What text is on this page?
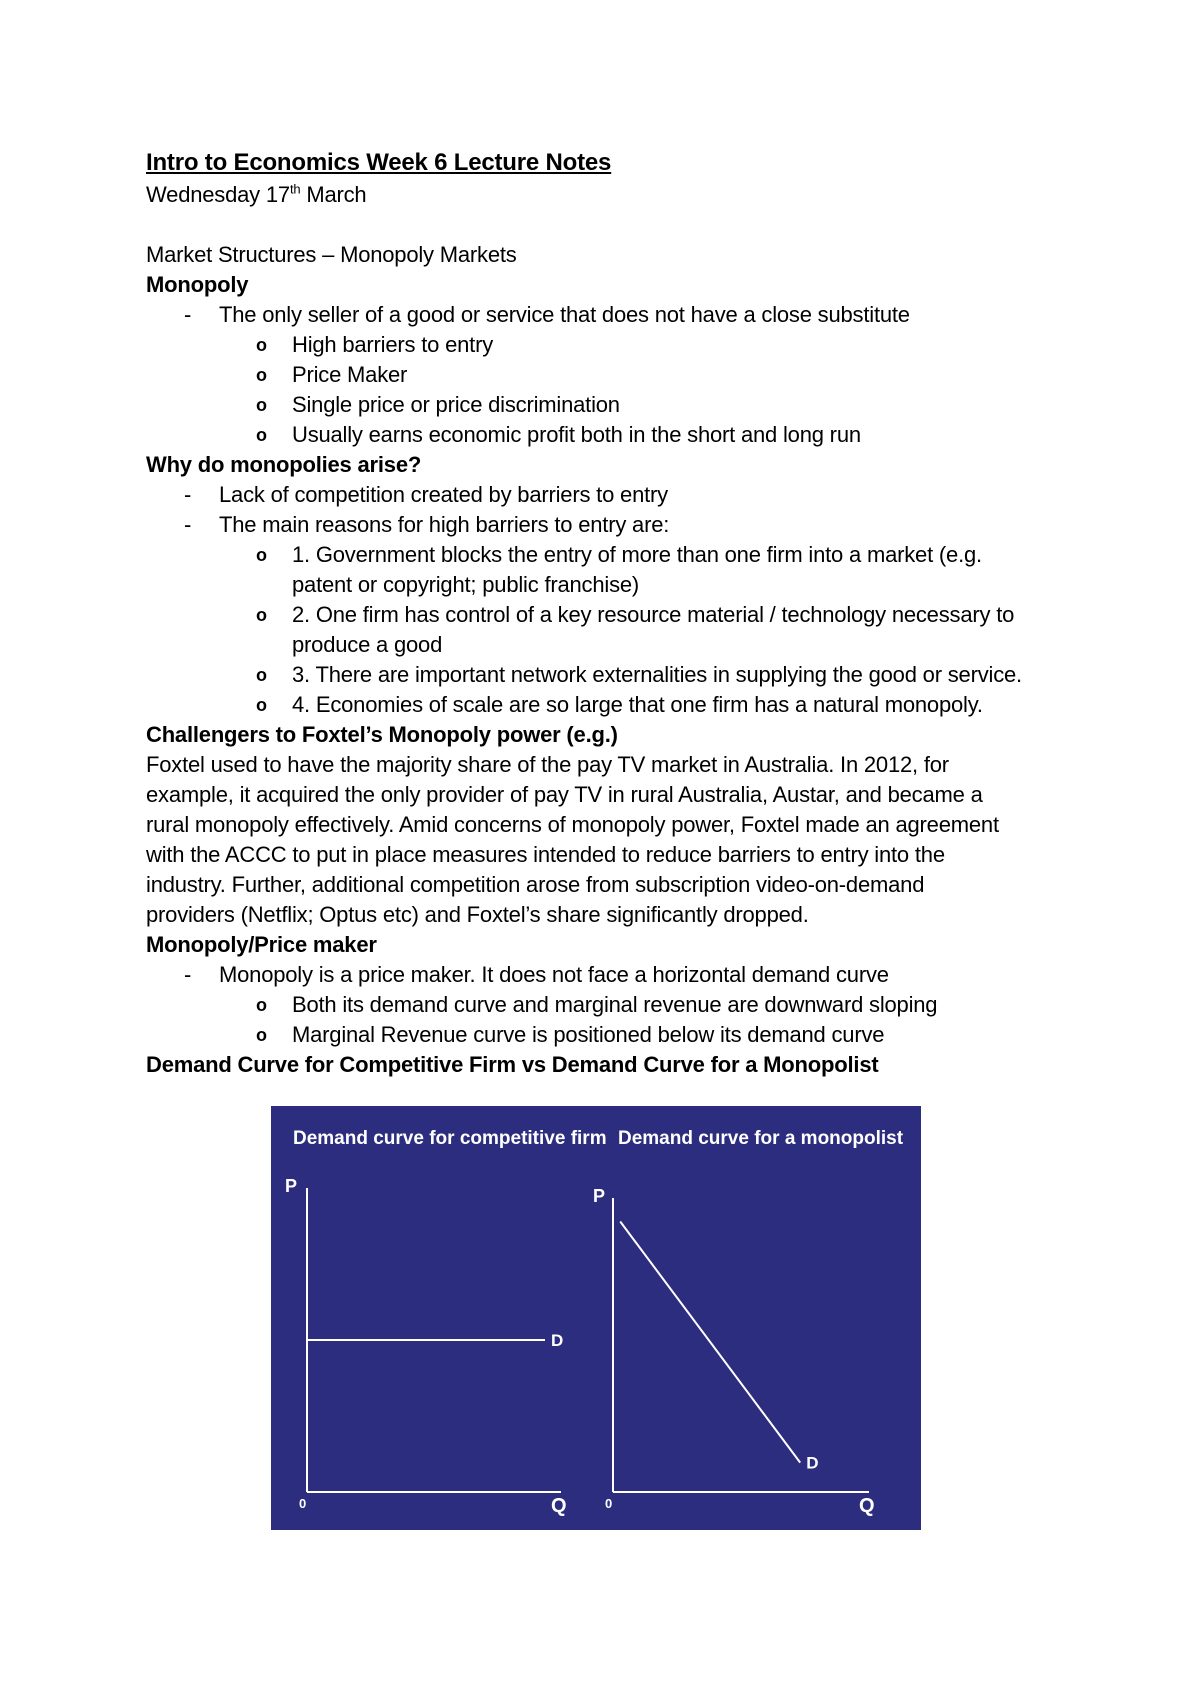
Intro to Economics Week 6 Lecture Notes
Wednesday 17th March
Market Structures – Monopoly Markets
Monopoly
- The only seller of a good or service that does not have a close substitute
o High barriers to entry
o Price Maker
o Single price or price discrimination
o Usually earns economic profit both in the short and long run
Why do monopolies arise?
- Lack of competition created by barriers to entry
- The main reasons for high barriers to entry are:
o 1. Government blocks the entry of more than one firm into a market (e.g.
patent or copyright; public franchise)
o 2. One firm has control of a key resource material / technology necessary to
produce a good
o 3. There are important network externalities in supplying the good or service.
o 4. Economies of scale are so large that one firm has a natural monopoly.
Challengers to Foxtel’s Monopoly power (e.g.)
Foxtel used to have the majority share of the pay TV market in Australia. In 2012, for
example, it acquired the only provider of pay TV in rural Australia, Austar, and became a
rural monopoly effectively. Amid concerns of monopoly power, Foxtel made an agreement
with the ACCC to put in place measures intended to reduce barriers to entry into the
industry. Further, additional competition arose from subscription video-on-demand
providers (Netflix; Optus etc) and Foxtel’s share significantly dropped.
Monopoly/Price maker
- Monopoly is a price maker. It does not face a horizontal demand curve
o Both its demand curve and marginal revenue are downward sloping
o Marginal Revenue curve is positioned below its demand curve
Demand Curve for Competitive Firm vs Demand Curve for a Monopolist
Demand curve for competitive firm
P
Q
0
D
Demand curve for a monopolist
P
Q
0
D
